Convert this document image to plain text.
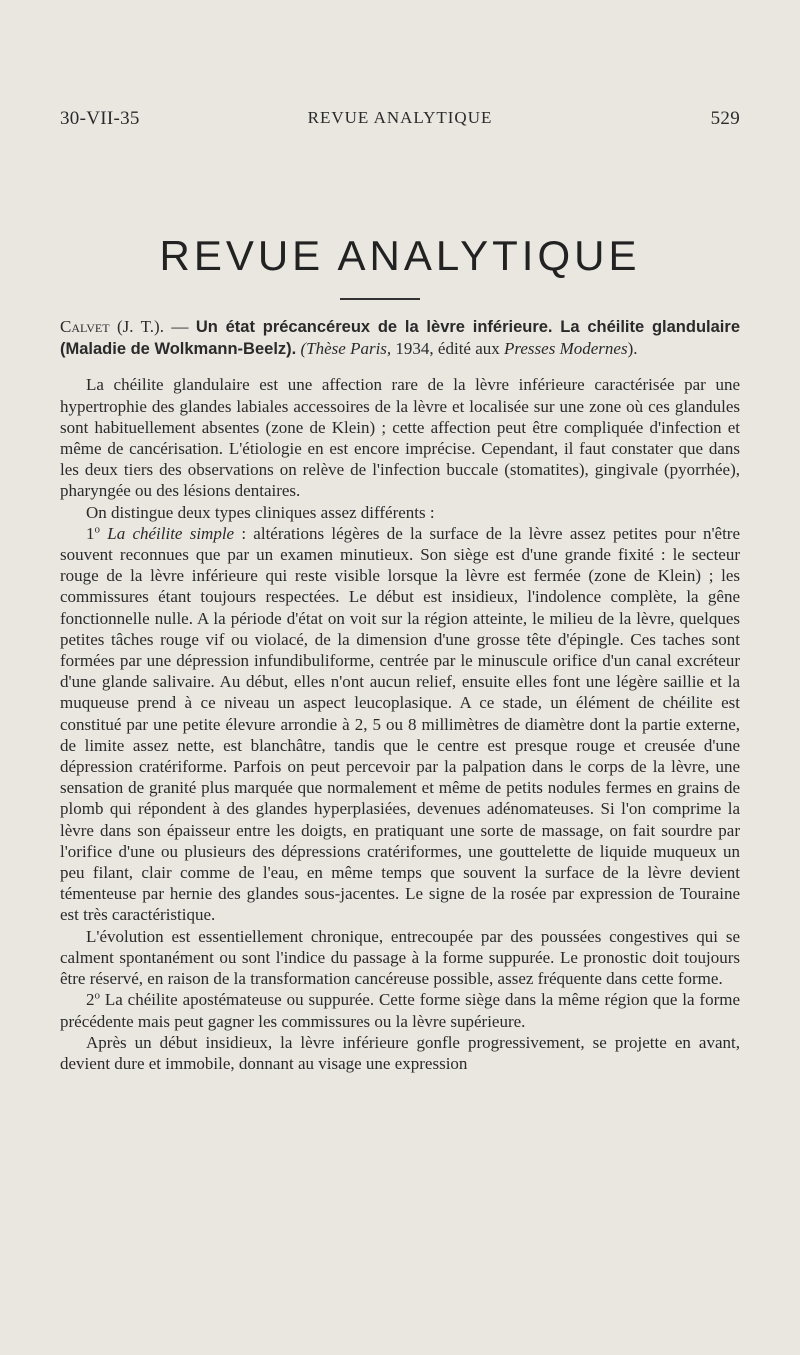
30-VII-35	REVUE ANALYTIQUE	529
REVUE ANALYTIQUE
Calvet (J. T.). — Un état précancéreux de la lèvre inférieure. La chéilite glandulaire (Maladie de Wolkmann-Beelz). (Thèse Paris, 1934, édité aux Presses Modernes).

La chéilite glandulaire est une affection rare de la lèvre inférieure caractérisée par une hypertrophie des glandes labiales accessoires de la lèvre et localisée sur une zone où ces glandules sont habituellement absentes (zone de Klein) ; cette affection peut être compliquée d'infection et même de cancérisation. L'étiologie en est encore imprécise. Cependant, il faut constater que dans les deux tiers des observations on relève de l'infection buccale (stomatites), gingivale (pyorrhée), pharyngée ou des lésions dentaires.

On distingue deux types cliniques assez différents :

1$^o$ La chéilite simple : altérations légères de la surface de la lèvre assez petites pour n'être souvent reconnues que par un examen minutieux. Son siège est d'une grande fixité : le secteur rouge de la lèvre inférieure qui reste visible lorsque la lèvre est fermée (zone de Klein) ; les commissures étant toujours respectées. Le début est insidieux, l'indolence complète, la gêne fonctionnelle nulle. A la période d'état on voit sur la région atteinte, le milieu de la lèvre, quelques petites tâches rouge vif ou violacé, de la dimension d'une grosse tête d'épingle. Ces taches sont formées par une dépression infundibuliforme, centrée par le minuscule orifice d'un canal excréteur d'une glande salivaire. Au début, elles n'ont aucun relief, ensuite elles font une légère saillie et la muqueuse prend à ce niveau un aspect leucoplasique. A ce stade, un élément de chéilite est constitué par une petite élevure arrondie à 2, 5 ou 8 millimètres de diamètre dont la partie externe, de limite assez nette, est blanchâtre, tandis que le centre est presque rouge et creusée d'une dépression cratériforme. Parfois on peut percevoir par la palpation dans le corps de la lèvre, une sensation de granité plus marquée que normalement et même de petits nodules fermes en grains de plomb qui répondent à des glandes hyperplasiées, devenues adénomateuses. Si l'on comprime la lèvre dans son épaisseur entre les doigts, en pratiquant une sorte de massage, on fait sourdre par l'orifice d'une ou plusieurs des dépressions cratériformes, une gouttelette de liquide muqueux un peu filant, clair comme de l'eau, en même temps que souvent la surface de la lèvre devient témenteuse par hernie des glandes sous-jacentes. Le signe de la rosée par expression de Touraine est très caractéristique.

L'évolution est essentiellement chronique, entrecoupée par des poussées congestives qui se calment spontanément ou sont l'indice du passage à la forme suppurée. Le pronostic doit toujours être réservé, en raison de la transformation cancéreuse possible, assez fréquente dans cette forme.

2$^o$ La chéilite apostémateuse ou suppurée. Cette forme siège dans la même région que la forme précédente mais peut gagner les commissures ou la lèvre supérieure.

Après un début insidieux, la lèvre inférieure gonfle progressivement, se projette en avant, devient dure et immobile, donnant au visage une expression
